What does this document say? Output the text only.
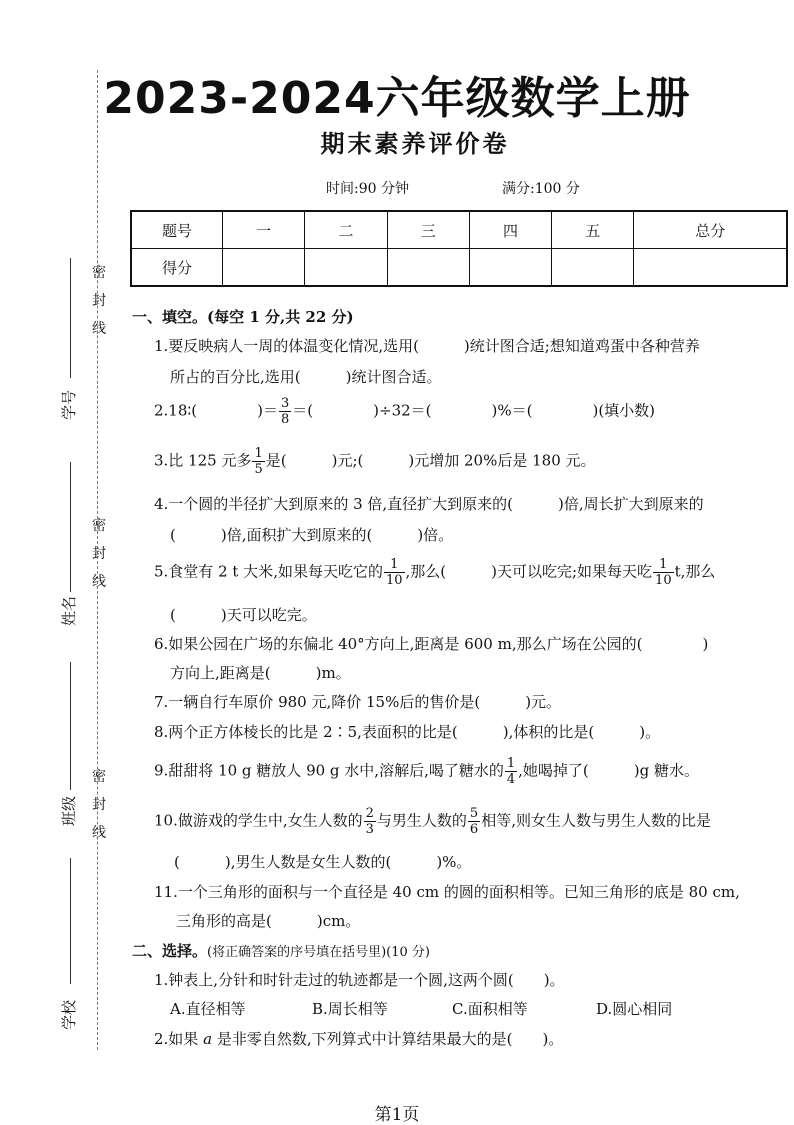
密
封
线
密
封
线
密
封
线
学号
姓名
班级
学校
2023-2024六年级数学上册
期末素养评价卷
时间:90 分钟	满分:100 分
题号	一	二	三	四	五	总分
得分						
一、填空。(每空 1 分,共 22 分)
1.要反映病人一周的体温变化情况,选用(　　　)统计图合适;想知道鸡蛋中各种营养
所占的百分比,选用(　　　)统计图合适。
2.18∶(　　　　)＝ $\frac{3}{8}$ ＝(　　　　)÷32＝(　　　　)%＝(　　　　)(填小数)
3.比 125 元多 $\frac{1}{5}$ 是(　　　)元;(　　　)元增加 20%后是 180 元。
4.一个圆的半径扩大到原来的 3 倍,直径扩大到原来的(　　　)倍,周长扩大到原来的
(　　　)倍,面积扩大到原来的(　　　)倍。
5.食堂有 2 t 大米,如果每天吃它的 $\frac{1}{10}$ ,那么(　　　)天可以吃完;如果每天吃 $\frac{1}{10} t$,那么
(　　　)天可以吃完。
6.如果公园在广场的东偏北 40°方向上,距离是 600 m,那么广场在公园的(　　　　)
方向上,距离是(　　　)m。
7.一辆自行车原价 980 元,降价 15%后的售价是(　　　)元。
8.两个正方体棱长的比是 2∶5,表面积的比是(　　　),体积的比是(　　　)。
9.甜甜将 10 g 糖放人 90 g 水中,溶解后,喝了糖水的 $\frac{1}{4}$ ,她喝掉了(　　　)g 糖水。
10.做游戏的学生中,女生人数的 $\frac{2}{3}$ 与男生人数的 $\frac{5}{6}$ 相等,则女生人数与男生人数的比是
(　　　),男生人数是女生人数的(　　　)%。
11.一个三角形的面积与一个直径是 40 cm 的圆的面积相等。已知三角形的底是 80 cm,
三角形的高是(　　　)cm。
二、选择。(将正确答案的序号填在括号里)(10 分)
1.钟表上,分针和时针走过的轨迹都是一个圆,这两个圆(　　)。
A.直径相等	B.周长相等	C.面积相等	D.圆心相同
2.如果 a 是非零自然数,下列算式中计算结果最大的是(　　)。
第1页
